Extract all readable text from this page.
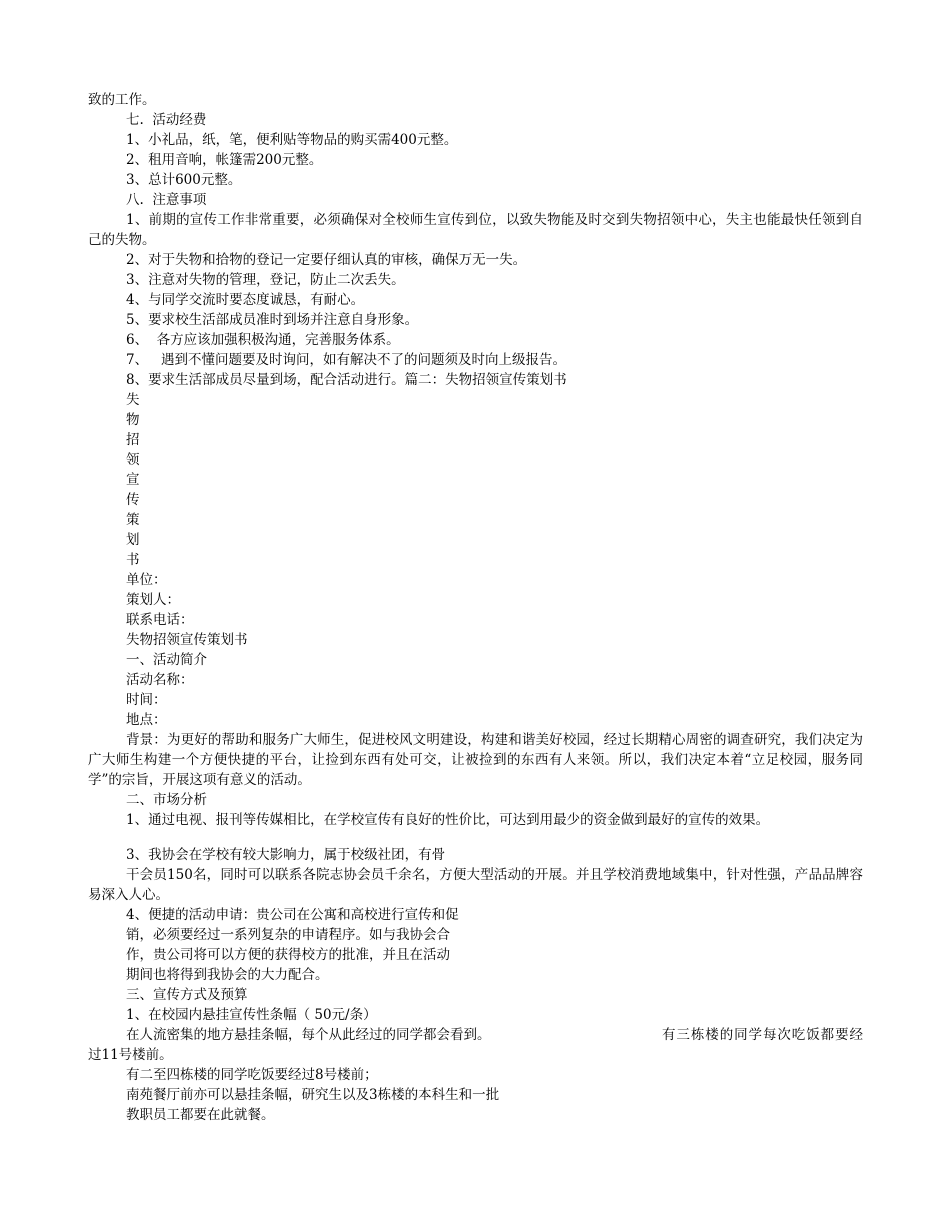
致的工作。
七.  活动经费
1、小礼品，纸，笔，便利贴等物品的购买需400元整。
2、租用音响，帐篷需200元整。
3、总计600元整。
八.  注意事项
1、前期的宣传工作非常重要，必须确保对全校师生宣传到位，以致失物能及时交到失物招领中心，失主也能最快任领到自己的失物。
2、对于失物和拾物的登记一定要仔细认真的审核，确保万无一失。
3、注意对失物的管理，登记，防止二次丢失。
4、与同学交流时要态度诚恳，有耐心。
5、要求校生活部成员准时到场并注意自身形象。
6、  各方应该加强积极沟通，完善服务体系。
7、   遇到不懂问题要及时询问，如有解决不了的问题须及时向上级报告。
8、要求生活部成员尽量到场，配合活动进行。篇二：失物招领宣传策划书
失
物
招
领
宣
传
策
划
书
单位：
策划人：
联系电话：
失物招领宣传策划书
一、活动简介
活动名称：
时间：
地点：
背景：为更好的帮助和服务广大师生，促进校风文明建设，构建和谐美好校园，经过长期精心周密的调查研究，我们决定为广大师生构建一个方便快捷的平台，让捡到东西有处可交，让被捡到的东西有人来领。所以，我们决定本着“立足校园，服务同学”的宗旨，开展这项有意义的活动。
二、市场分析
1、通过电视、报刊等传媒相比，在学校宣传有良好的性价比，可达到用最少的资金做到最好的宣传的效果。
3、我协会在学校有较大影响力，属于校级社团，有骨
干会员150名，同时可以联系各院志协会员千余名，方便大型活动的开展。并且学校消费地域集中，针对性强，产品品牌容易深入人心。
4、便捷的活动申请：贵公司在公寓和高校进行宣传和促
销，必须要经过一系列复杂的申请程序。如与我协会合
作，贵公司将可以方便的获得校方的批准，并且在活动
期间也将得到我协会的大力配合。
三、宣传方式及预算
1、在校园内悬挂宣传性条幅（ 50元/条）
在人流密集的地方悬挂条幅，每个从此经过的同学都会看到。	有三栋楼的同学每次吃饭都要经过11号楼前。
有二至四栋楼的同学吃饭要经过8号楼前；
南苑餐厅前亦可以悬挂条幅，研究生以及3栋楼的本科生和一批
教职员工都要在此就餐。
